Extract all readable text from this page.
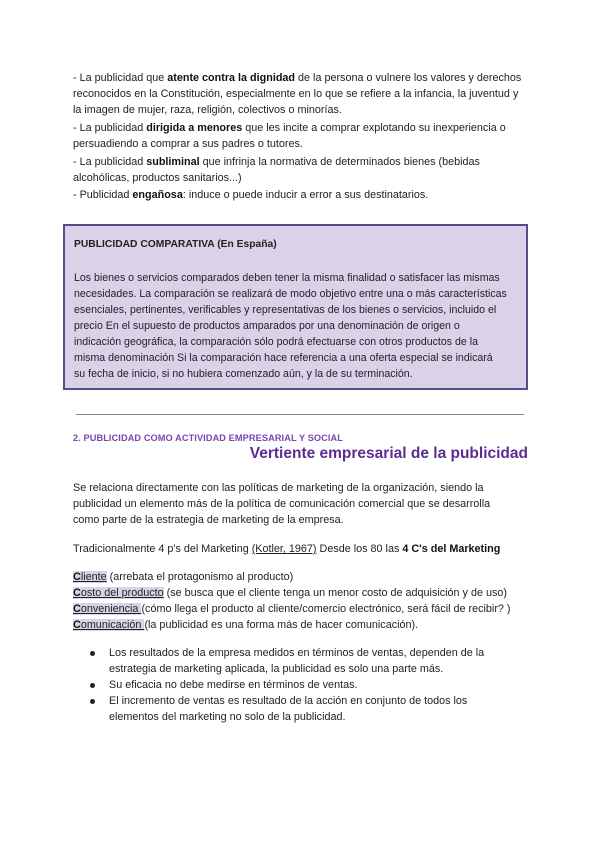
- La publicidad que atente contra la dignidad de la persona o vulnere los valores y derechos
reconocidos en la Constitución, especialmente en lo que se refiere a la infancia, la juventud y
la imagen de mujer, raza, religión, colectivos o minorías.
- La publicidad dirigida a menores que les incite a comprar explotando su inexperiencia o
persuadiendo a comprar a sus padres o tutores.
- La publicidad subliminal que infrinja la normativa de determinados bienes (bebidas
alcohólicas, productos sanitarios...)
- Publicidad engañosa: induce o puede inducir a error a sus destinatarios.
PUBLICIDAD COMPARATIVA (En España)
Los bienes o servicios comparados deben tener la misma finalidad o satisfacer las mismas
necesidades. La comparación se realizará de modo objetivo entre una o más características
esenciales, pertinentes, verificables y representativas de los bienes o servicios, incluido el
precio En el supuesto de productos amparados por una denominación de origen o
indicación geográfica, la comparación sólo podrá efectuarse con otros productos de la
misma denominación Si la comparación hace referencia a una oferta especial se indicará
su fecha de inicio, si no hubiera comenzado aún, y la de su terminación.
2. PUBLICIDAD COMO ACTIVIDAD EMPRESARIAL Y SOCIAL
Vertiente empresarial de la publicidad
Se relaciona directamente con las políticas de marketing de la organización, siendo la
publicidad un elemento más de la política de comunicación comercial que se desarrolla
como parte de la estrategia de marketing de la empresa.
Tradicionalmente 4 p's del Marketing (Kotler, 1967) Desde los 80 las 4 C's del Marketing
Cliente (arrebata el protagonismo al producto)
Costo del producto (se busca que el cliente tenga un menor costo de adquisición y de uso)
Conveniencia (cómo llega el producto al cliente/comercio electrónico, será fácil de recibir? )
Comunicación (la publicidad es una forma más de hacer comunicación).
Los resultados de la empresa medidos en términos de ventas, dependen de la
estrategia de marketing aplicada, la publicidad es solo una parte más.
Su eficacia no debe medirse en términos de ventas.
El incremento de ventas es resultado de la acción en conjunto de todos los
elementos del marketing no solo de la publicidad.
